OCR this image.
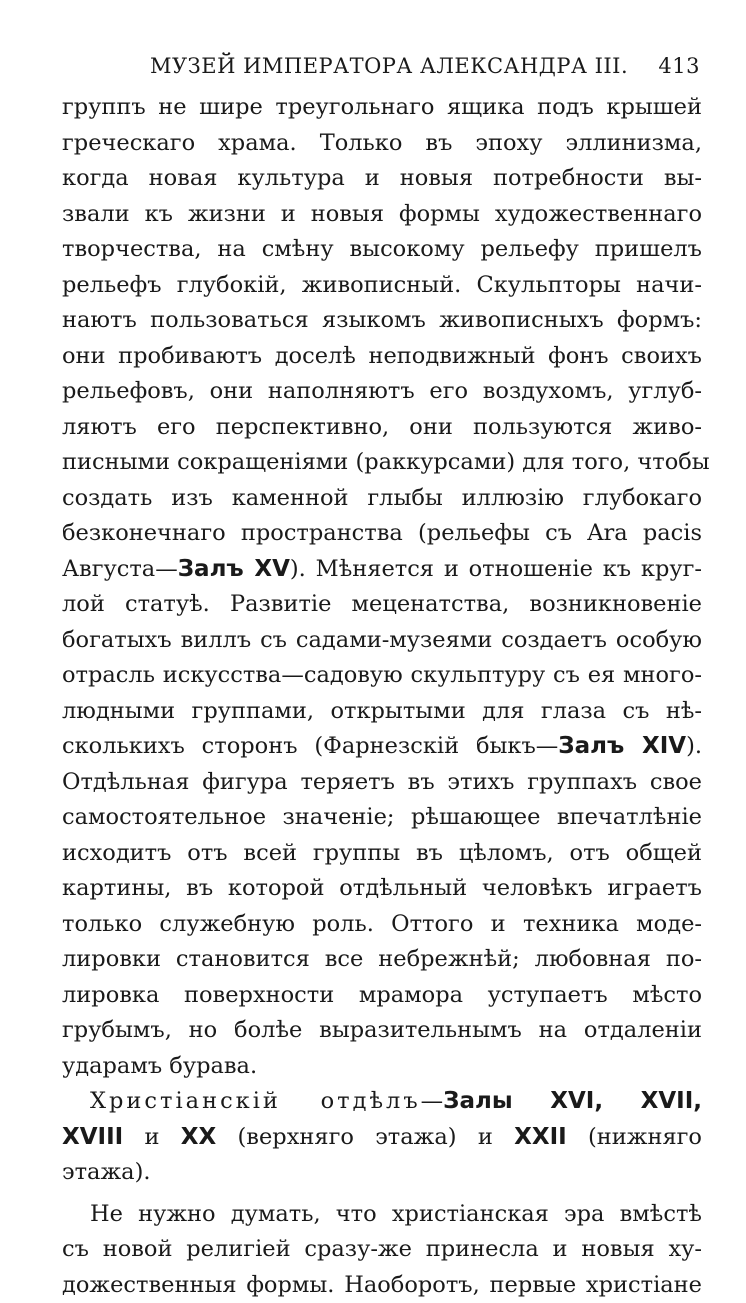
МУЗЕЙ ИМПЕРАТОРА АЛЕКСАНДРА III. 413
группъ не шире треугольнаго ящика подъ крышей
греческаго храма. Только въ эпоху эллинизма,
когда новая культура и новыя потребности вы-
звали къ жизни и новыя формы художественнаго
творчества, на смѣну высокому рельефу пришелъ
рельефъ глубокій, живописный. Скульпторы начи-
наютъ пользоваться языкомъ живописныхъ формъ:
они пробиваютъ доселѣ неподвижный фонъ своихъ
рельефовъ, они наполняютъ его воздухомъ, углуб-
ляютъ его перспективно, они пользуются живо-
писными сокращеніями (раккурсами) для того, чтобы
создать изъ каменной глыбы иллюзію глубокаго
безконечнаго пространства (рельефы съ Ara pacis
Августа—Залъ XV). Мѣняется и отношеніе къ круг-
лой статуѣ. Развитіе меценатства, возникновеніе
богатыхъ виллъ съ садами-музеями создаетъ особую
отрасль искусства—садовую скульптуру съ ея много-
людными группами, открытыми для глаза съ нѣ-
сколькихъ сторонъ (Фарнезскій быкъ—Залъ XIV).
Отдѣльная фигура теряетъ въ этихъ группахъ свое
самостоятельное значеніе; рѣшающее впечатлѣніе
исходитъ отъ всей группы въ цѣломъ, отъ общей
картины, въ которой отдѣльный человѣкъ играетъ
только служебную роль. Оттого и техника моде-
лировки становится все небрежнѣй; любовная по-
лировка поверхности мрамора уступаетъ мѣсто
грубымъ, но болѣе выразительнымъ на отдаленіи
ударамъ бурава.
Христіанскій отдѣлъ—Залы XVI, XVII,
XVIII и XX (верхняго этажа) и XXII (нижняго
этажа).
Не нужно думать, что христіанская эра вмѣстѣ
съ новой религіей сразу-же принесла и новыя ху-
дожественныя формы. Наоборотъ, первые христіане
